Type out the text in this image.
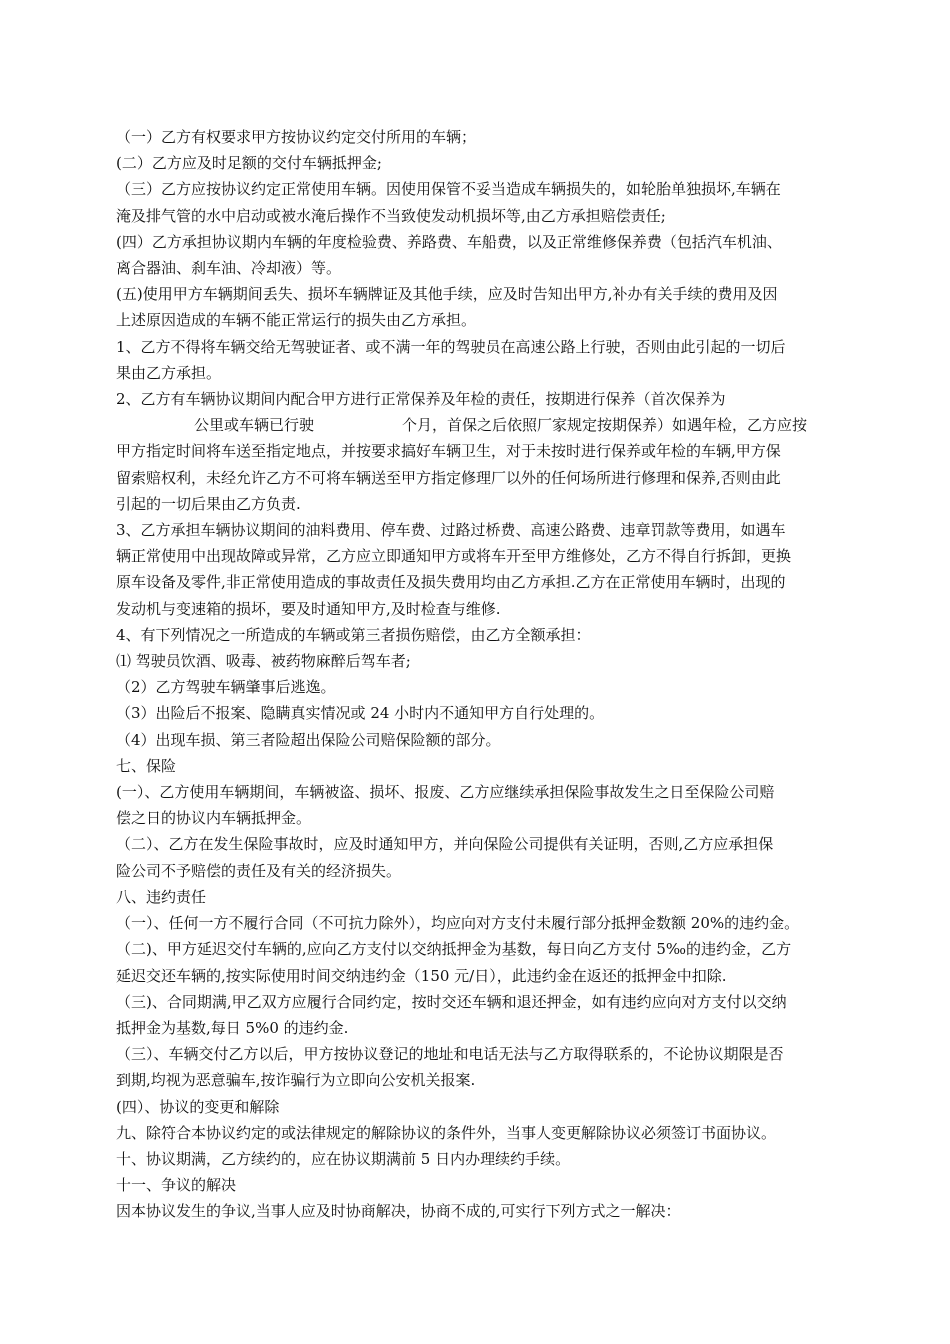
（一）乙方有权要求甲方按协议约定交付所用的车辆；
(二）乙方应及时足额的交付车辆抵押金;
（三）乙方应按协议约定正常使用车辆。因使用保管不妥当造成车辆损失的，如轮胎单独损坏,车辆在
淹及排气管的水中启动或被水淹后操作不当致使发动机损坏等,由乙方承担赔偿责任;
(四）乙方承担协议期内车辆的年度检验费、养路费、车船费，以及正常维修保养费（包括汽车机油、
离合器油、刹车油、冷却液）等。
(五)使用甲方车辆期间丢失、损坏车辆牌证及其他手续，应及时告知出甲方,补办有关手续的费用及因
上述原因造成的车辆不能正常运行的损失由乙方承担。
1、乙方不得将车辆交给无驾驶证者、或不满一年的驾驶员在高速公路上行驶，否则由此引起的一切后
果由乙方承担。
2、乙方有车辆协议期间内配合甲方进行正常保养及年检的责任，按期进行保养（首次保养为
公里或车辆已行驶	个月，首保之后依照厂家规定按期保养）如遇年检，乙方应按
甲方指定时间将车送至指定地点，并按要求搞好车辆卫生，对于未按时进行保养或年检的车辆,甲方保
留索赔权利，未经允许乙方不可将车辆送至甲方指定修理厂以外的任何场所进行修理和保养,否则由此
引起的一切后果由乙方负责.
3、乙方承担车辆协议期间的油料费用、停车费、过路过桥费、高速公路费、违章罚款等费用，如遇车
辆正常使用中出现故障或异常，乙方应立即通知甲方或将车开至甲方维修处，乙方不得自行拆卸，更换
原车设备及零件,非正常使用造成的事故责任及损失费用均由乙方承担.乙方在正常使用车辆时，出现的
发动机与变速箱的损坏，要及时通知甲方,及时检查与维修.
4、有下列情况之一所造成的车辆或第三者损伤赔偿，由乙方全额承担：
⑴ 驾驶员饮酒、吸毒、被药物麻醉后驾车者;
（2）乙方驾驶车辆肇事后逃逸。
（3）出险后不报案、隐瞒真实情况或 24 小时内不通知甲方自行处理的。
（4）出现车损、第三者险超出保险公司赔保险额的部分。
七、保险
(一）、乙方使用车辆期间，车辆被盗、损坏、报废、乙方应继续承担保险事故发生之日至保险公司赔
偿之日的协议内车辆抵押金。
（二）、乙方在发生保险事故时，应及时通知甲方，并向保险公司提供有关证明，否则,乙方应承担保
险公司不予赔偿的责任及有关的经济损失。
八、违约责任
（一）、任何一方不履行合同（不可抗力除外），均应向对方支付未履行部分抵押金数额 20%的违约金。
（二)、甲方延迟交付车辆的,应向乙方支付以交纳抵押金为基数，每日向乙方支付 5‰的违约金，乙方
延迟交还车辆的,按实际使用时间交纳违约金（150 元/日），此违约金在返还的抵押金中扣除.
（三)、合同期满,甲乙双方应履行合同约定，按时交还车辆和退还押金，如有违约应向对方支付以交纳
抵押金为基数,每日 5%0 的违约金.
（三）、车辆交付乙方以后，甲方按协议登记的地址和电话无法与乙方取得联系的，不论协议期限是否
到期,均视为恶意骗车,按诈骗行为立即向公安机关报案.
(四）、协议的变更和解除
九、除符合本协议约定的或法律规定的解除协议的条件外，当事人变更解除协议必须签订书面协议。
十、协议期满，乙方续约的，应在协议期满前 5 日内办理续约手续。
十一、争议的解决
因本协议发生的争议,当事人应及时协商解决，协商不成的,可实行下列方式之一解决：
